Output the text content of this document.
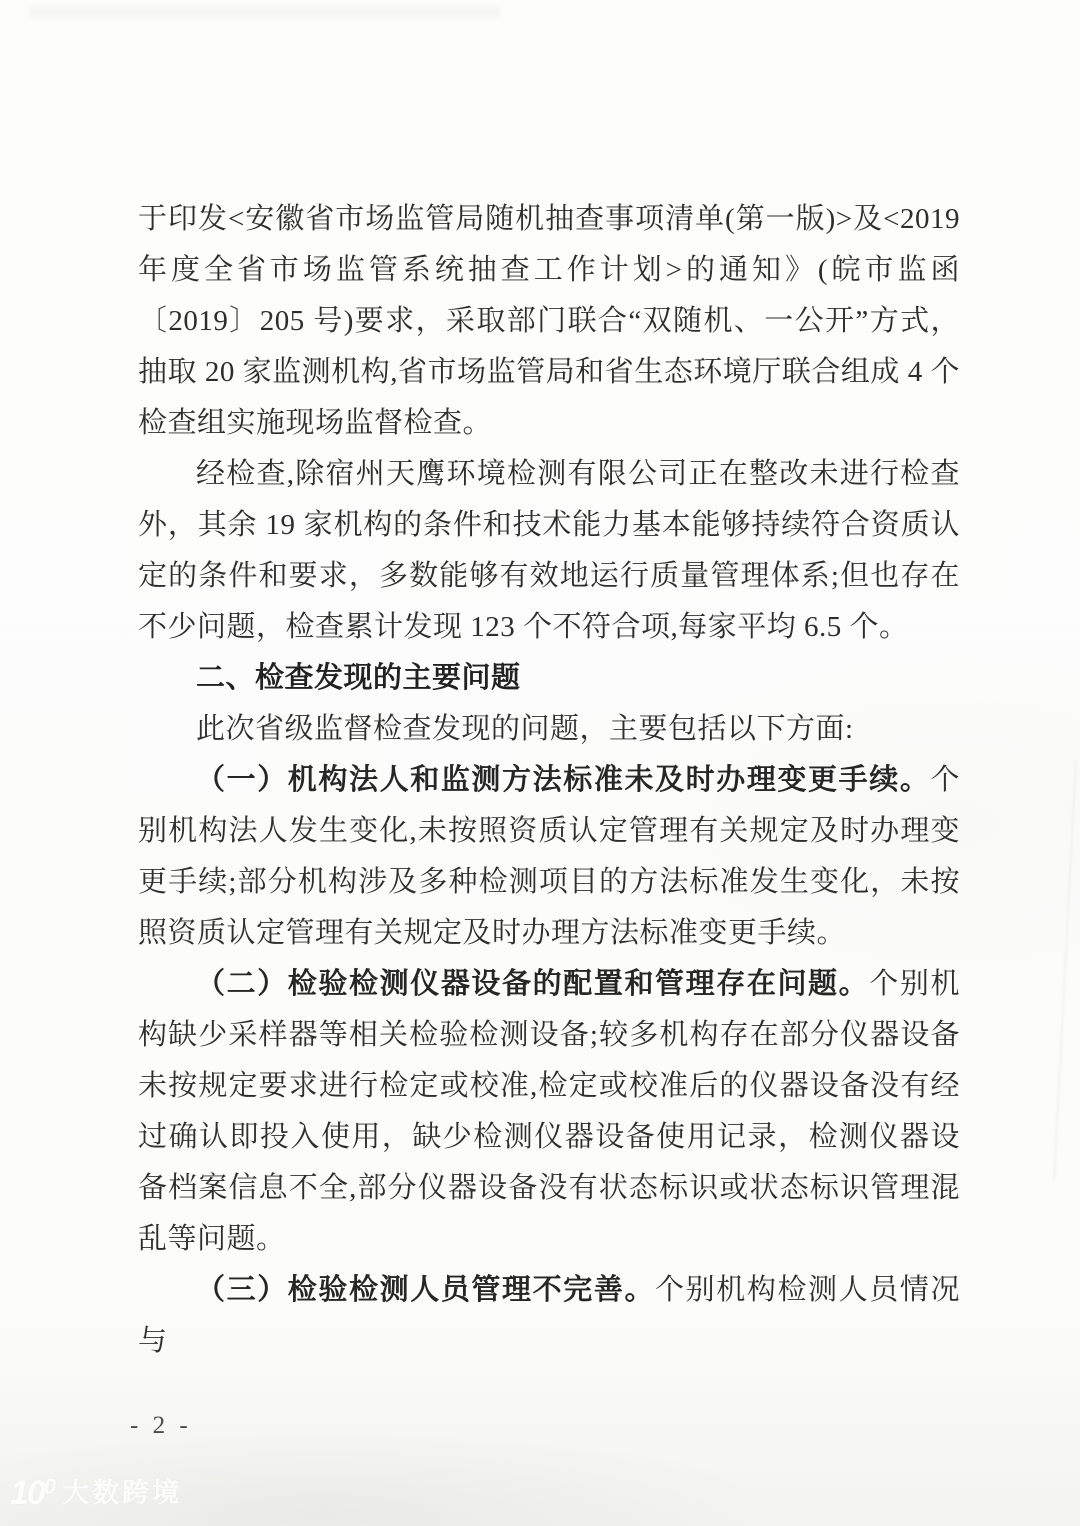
于印发<安徽省市场监管局随机抽查事项清单(第一版)>及<2019 年度全省市场监管系统抽查工作计划>的通知》(皖市监函〔2019〕205 号)要求，采取部门联合“双随机、一公开”方式，抽取 20 家监测机构,省市场监管局和省生态环境厅联合组成 4 个检查组实施现场监督检查。

经检查,除宿州天鹰环境检测有限公司正在整改未进行检查外，其余 19 家机构的条件和技术能力基本能够持续符合资质认定的条件和要求，多数能够有效地运行质量管理体系;但也存在不少问题，检查累计发现 123 个不符合项,每家平均 6.5 个。

二、检查发现的主要问题

此次省级监督检查发现的问题，主要包括以下方面:

（一）机构法人和监测方法标准未及时办理变更手续。个别机构法人发生变化,未按照资质认定管理有关规定及时办理变更手续;部分机构涉及多种检测项目的方法标准发生变化，未按照资质认定管理有关规定及时办理方法标准变更手续。

（二）检验检测仪器设备的配置和管理存在问题。个别机构缺少采样器等相关检验检测设备;较多机构存在部分仪器设备未按规定要求进行检定或校准,检定或校准后的仪器设备没有经过确认即投入使用，缺少检测仪器设备使用记录，检测仪器设备档案信息不全,部分仪器设备没有状态标识或状态标识管理混乱等问题。

（三）检验检测人员管理不完善。个别机构检测人员情况与

- 2 -
$10^0$ 大数跨境
